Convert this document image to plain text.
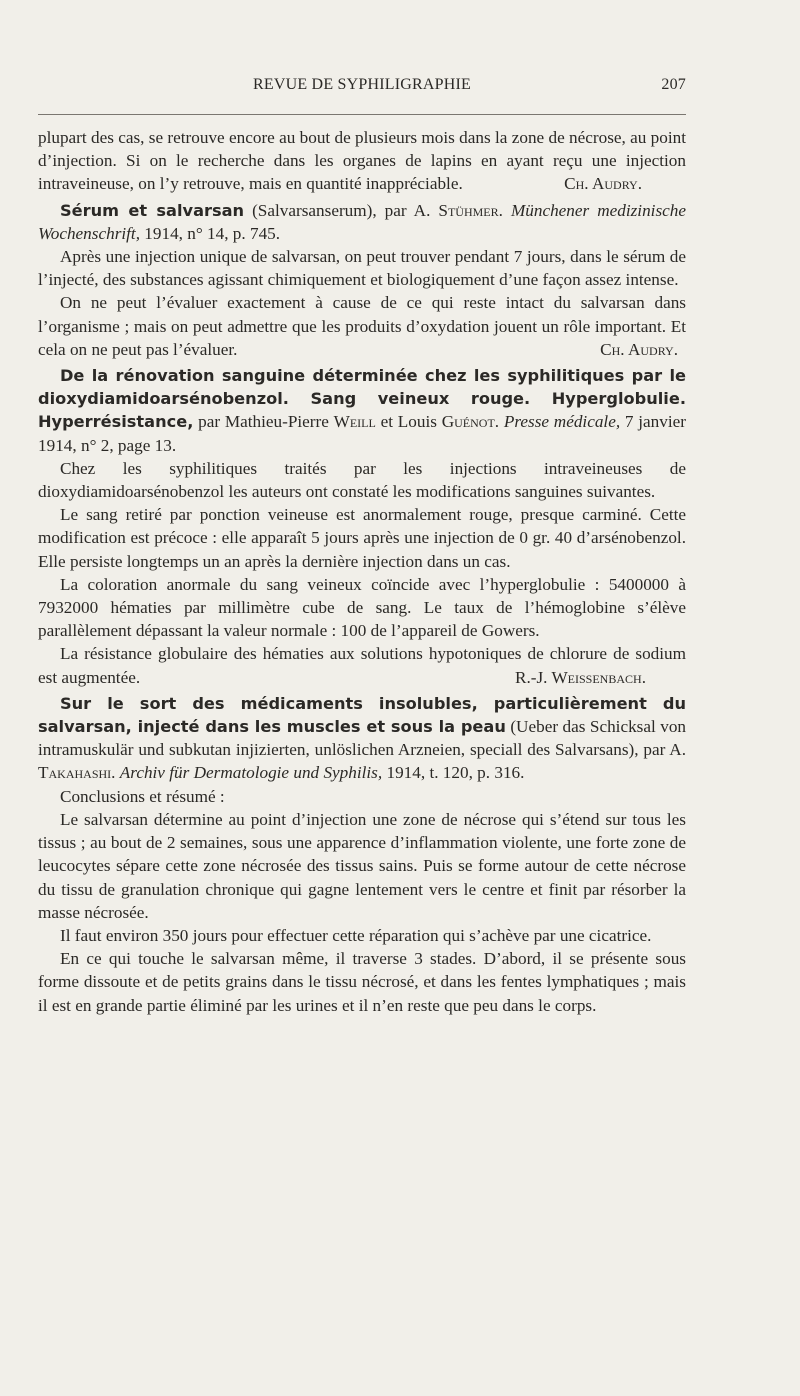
REVUE DE SYPHILIGRAPHIE	207

plupart des cas, se retrouve encore au bout de plusieurs mois dans la zone de nécrose, au point d’injection. Si on le recherche dans les organes de lapins en ayant reçu une injection intraveineuse, on l’y retrouve, mais en quantité inappréciable.	Ch. Audry.

Sérum et salvarsan (Salvarsanserum), par A. Stühmer. Münchener medizinische Wochenschrift, 1914, n° 14, p. 745.

Après une injection unique de salvarsan, on peut trouver pendant 7 jours, dans le sérum de l’injecté, des substances agissant chimiquement et biologiquement d’une façon assez intense.

On ne peut l’évaluer exactement à cause de ce qui reste intact du salvarsan dans l’organisme ; mais on peut admettre que les produits d’oxydation jouent un rôle important. Et cela on ne peut pas l’évaluer.	Ch. Audry.

De la rénovation sanguine déterminée chez les syphilitiques par le dioxydiamidoarsénobenzol. Sang veineux rouge. Hyperglobulie. Hyperrésistance, par Mathieu-Pierre Weill et Louis Guénot. Presse médicale, 7 janvier 1914, n° 2, page 13.

Chez les syphilitiques traités par les injections intraveineuses de dioxydiamidoarsénobenzol les auteurs ont constaté les modifications sanguines suivantes.

Le sang retiré par ponction veineuse est anormalement rouge, presque carminé. Cette modification est précoce : elle apparaît 5 jours après une injection de 0 gr. 40 d’arsénobenzol. Elle persiste longtemps un an après la dernière injection dans un cas.

La coloration anormale du sang veineux coïncide avec l’hyperglobulie : 5400000 à 7932000 hématies par millimètre cube de sang. Le taux de l’hémoglobine s’élève parallèlement dépassant la valeur normale : 100 de l’appareil de Gowers.

La résistance globulaire des hématies aux solutions hypotoniques de chlorure de sodium est augmentée.	R.-J. Weissenbach.

Sur le sort des médicaments insolubles, particulièrement du salvarsan, injecté dans les muscles et sous la peau (Ueber das Schicksal von intramuskulär und subkutan injizierten, unlöslichen Arzneien, speciall des Salvarsans), par A. Takahashi. Archiv für Dermatologie und Syphilis, 1914, t. 120, p. 316.

Conclusions et résumé :

Le salvarsan détermine au point d’injection une zone de nécrose qui s’étend sur tous les tissus ; au bout de 2 semaines, sous une apparence d’inflammation violente, une forte zone de leucocytes sépare cette zone nécrosée des tissus sains. Puis se forme autour de cette nécrose du tissu de granulation chronique qui gagne lentement vers le centre et finit par résorber la masse nécrosée.

Il faut environ 350 jours pour effectuer cette réparation qui s’achève par une cicatrice.

En ce qui touche le salvarsan même, il traverse 3 stades. D’abord, il se présente sous forme dissoute et de petits grains dans le tissu nécrosé, et dans les fentes lymphatiques ; mais il est en grande partie éliminé par les urines et il n’en reste que peu dans le corps.
